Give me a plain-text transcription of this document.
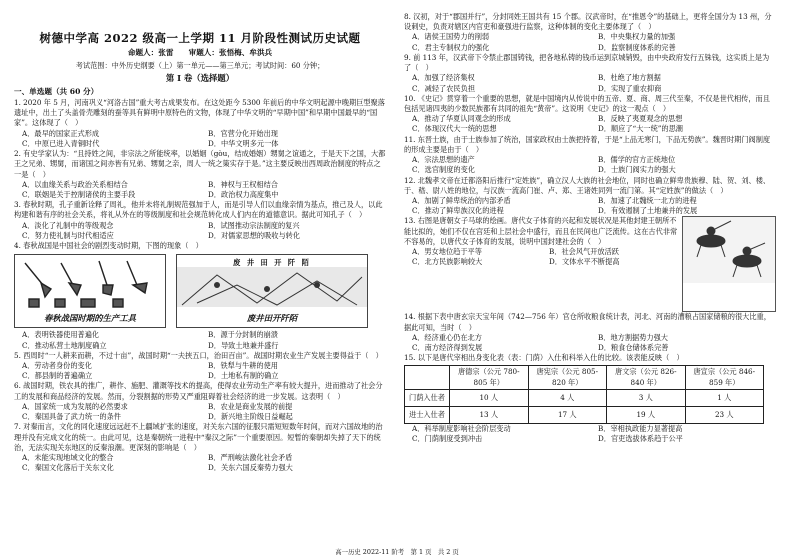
树德中学高 2022 级高一上学期 11 月阶段性测试历史试题
命题人：张雷　　审题人：张悟梅、牟洪兵
考试范围：中外历史纲要（上）第一单元——第三单元；考试时间：60 分钟；
第 I 卷（选择题）
一、单选题（共 60 分）

1. 2020 年 5 月，河南巩义“河洛古国”重大考古成果发布。在这处距今 5300 年前后的中华文明起源中晚期巨型聚落遗址中，出土了头盖骨壳雕刻的蚕等具有鲜明中原特色的文物，体现了中华文明的“早期中国”和早期中国最早的“国家”。这体现了（　）

A．最早的国家正式形成	B．官营分化开始出现
C．中原已进入青铜时代	D．中华文明多元一体

2. 有史学家认为：“且持姓之间，非宗法之所能统率，以婚姻（gòu，结成婚姻）甥舅之谊通之，于是天下之国，大都王之兄弟、甥舅，而诸国之间亦皆有兄弟、甥舅之亲，周人一统之策实存于是。”这主要反映出西周政治制度的特点之一是（　）

A．以血缘关系与政治关系相结合	B．神权与王权相结合
C．联姻是关于控制诸侯的主要手段	D．政治权力高度集中

3. 春秋时期，孔子重新诠释了周礼，他并未将礼制规范强加于人，而是引导人们以血缘亲情为基点，推己及人，以此构建和谐有序的社会关系，将礼从外在的等级制度和社会规范转化成人们内在的道德意识。据此可知孔子（　）

A．淡化了礼制中的等级观念	B．试图推动宗法制度的复兴
C．努力使礼制与时代相适应	D．对儒家思想的吸收与转化

4. 春秋战国是中国社会的剧烈变动时期，下图的现象（　）

春秋战国时期的生产工具
废 井 田 开 阡 陌
废井田开阡陌
A．表明铁器使用普遍化	B．源于分封制的崩溃
C．推动私营土地制度确立	D．导致土地兼并盛行

5. 西周时“一人耕来而耕，不过十亩”，战国时期“一夫挟五口，治田百亩”。战国时期农业生产发展主要得益于（　）

A．劳动者身份的变化	B．铁犁与牛耕的使用
C．都县制的普遍确立	D．土地私有制的确立

6. 战国时期，铁农具的推广，耕作、施肥、灌溉等技术的提高，使得农业劳动生产率有较大提升，进而推动了社会分工的发展和商品经济的发展。然而，分裂割据的形势又严重阻碍着社会经济的进一步发展。这表明（　）

A．国家统一成为发展的必然要求	B．农业是商业发展的前提
C．秦国具备了武力统一的条件	D．新兴地主阶级日益崛起

7. 对秦而言，文化的同化速度远远赶不上疆域扩张的速度，对关东六国的征服只需短短数年时间，而对六国故地的治理并没有完成文化的统一。由此可见，这是秦朝统一进程中“秦汉之际”一个重要原因。短暂的秦朝却失掉了天下的统治，无法实现关东地区的反秦浪潮。更深刻的影响是（　）

A．未能实现地域文化的整合	B．严刑峻法激化社会矛盾
C．秦国文化落后于关东文化	D．关东六国反秦势力强大

8. 汉初，对于“郡国并行”，分封同姓王国共有 15 个郡。汉武帝时，在“推恩令”的基础上，更将全国分为 13 州，分设刺史，负责对辖区内官吏和豪强进行监察，这种体制的变化主要体现了（　）

A．诸侯王国势力的削弱	B．中央集权力量的加强
C．君主专制权力的强化	D．监察制度体系的完善

9. 前 113 年，汉武帝下令禁止郡国铸钱，把各地私铸的钱币运到京城销毁，由中央政府发行五铢钱，这实质上是为了（　）

A．加强了经济集权	B．杜绝了地方割据
C．减轻了农民负担	D．实现了重农抑商

10. 《史记》贯穿着一个重要的思想，就是中国境内从传说中的五帝、夏、商、周三代至秦，不仅是世代相传，而且包括见诸四夷的少数民族都有共同的祖先“黄帝”。这说明《史记》的这一观点（　）

A．推动了华夏认同观念的形成	B．反映了夷夏观念的思想
C．体现汉代大一统的思想	D．顺应了“大一统”的思潮

11. 东晋士族，由于士族参加了统治，国家政权由士族把持着，于是“上品无寒门，下品无势族”。魏晋时期门阀制度的形成主要是由于（　）

A．宗法思想的遗产	B．儒学的官方正统地位
C．选官制度的变化	D．士族门阀实力的强大

12. 北魏孝文帝在迁都洛阳后推行“定姓族”，确立汉人大族的社会地位，同时也确立鲜卑贵族穆、陆、贺、刘、楼、于、嵇、尉八姓的地位，与汉族一流高门崔、卢、郑、王诸姓同列一流门第。其“定姓族”的做法（　）

A．加剧了鲜卑统治的内部矛盾	B．加速了北魏统一北方的进程
C．推动了鲜卑族汉化的进程	D．有效遏制了土地兼并的发展

13. 右图是唐朝女子马球的绘画。唐代女子体育的兴起和发展状况是其他封建王朝所不能比拟的，她们不仅在宫廷和上层社会中盛行，而且在民间也广泛流传。这在古代非常不容易的，以唐代女子体育的发展，说明中国封建社会的（　）

A．男女地位趋于平等	B．社会风气开放活跃
C．北方民族影响较大	D．文体水平不断提高

14. 根据下表中唐玄宗天宝年间（742—756 年）官仓所收粮食统计表，河北、河南的漕粮占国家储粮的很大比重，据此可知，当时（　）

A．经济重心仍在北方	B．地方割据势力强大
C．南方经济得到发展	D．粮食仓储体系完善

15. 以下是唐代宰相出身变化表（表：门荫）入仕和科举入仕的比较。该表能反映（　）

	唐德宗（公元 780-805 年）	唐宪宗（公元 805-820 年）	唐文宗（公元 826-840 年）	唐宣宗（公元 846-859 年）
门荫入仕者	10 人	4 人	3 人	1 人
进士入仕者	13 人	17 人	19 人	23 人
A．科举制度影响社会阶层变动	B．宰相执政能力显著提高
C．门荫制度受到冲击	D．官吏选拔体系趋于公平
高一历史 2022-11 阶考　第 1 页　共 2 页
